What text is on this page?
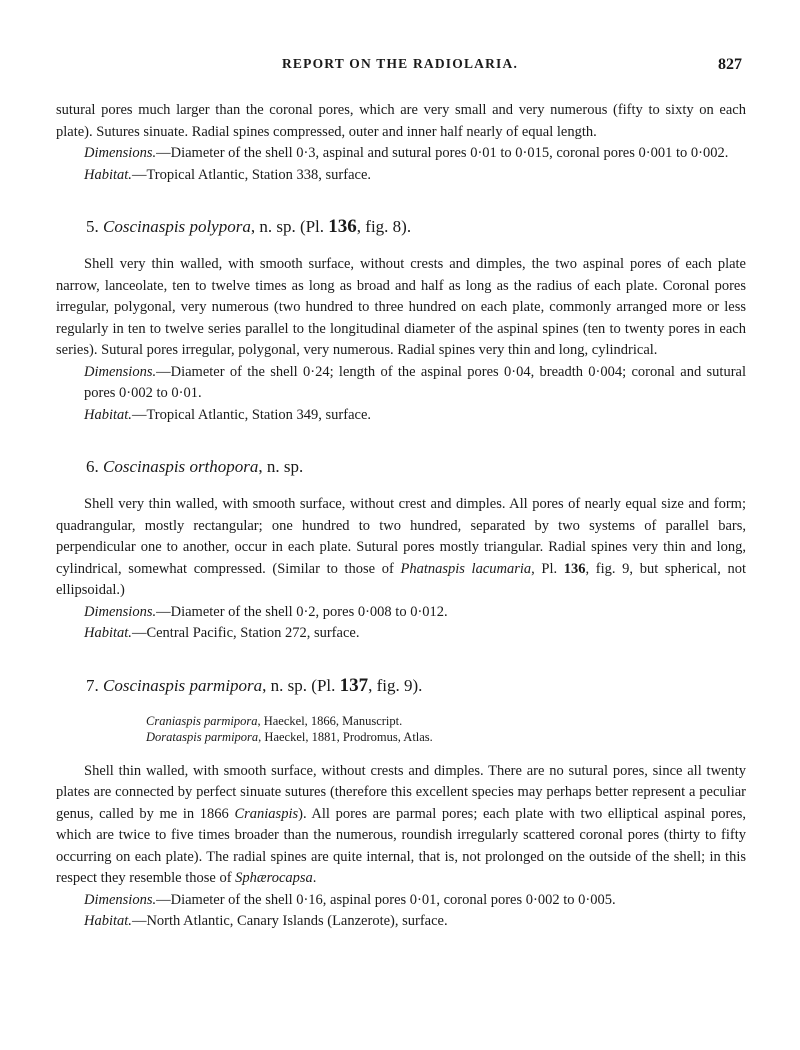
REPORT ON THE RADIOLARIA.	827

sutural pores much larger than the coronal pores, which are very small and very numerous (fifty to sixty on each plate). Sutures sinuate. Radial spines compressed, outer and inner half nearly of equal length.

Dimensions.—Diameter of the shell 0·3, aspinal and sutural pores 0·01 to 0·015, coronal pores 0·001 to 0·002.

Habitat.—Tropical Atlantic, Station 338, surface.

5. Coscinaspis polypora, n. sp. (Pl. 136, fig. 8).

Shell very thin walled, with smooth surface, without crests and dimples, the two aspinal pores of each plate narrow, lanceolate, ten to twelve times as long as broad and half as long as the radius of each plate. Coronal pores irregular, polygonal, very numerous (two hundred to three hundred on each plate, commonly arranged more or less regularly in ten to twelve series parallel to the longitudinal diameter of the aspinal spines (ten to twenty pores in each series). Sutural pores irregular, polygonal, very numerous. Radial spines very thin and long, cylindrical.

Dimensions.—Diameter of the shell 0·24; length of the aspinal pores 0·04, breadth 0·004; coronal and sutural pores 0·002 to 0·01.

Habitat.—Tropical Atlantic, Station 349, surface.

6. Coscinaspis orthopora, n. sp.

Shell very thin walled, with smooth surface, without crest and dimples. All pores of nearly equal size and form; quadrangular, mostly rectangular; one hundred to two hundred, separated by two systems of parallel bars, perpendicular one to another, occur in each plate. Sutural pores mostly triangular. Radial spines very thin and long, cylindrical, somewhat compressed. (Similar to those of Phatnaspis lacumaria, Pl. 136, fig. 9, but spherical, not ellipsoidal.)

Dimensions.—Diameter of the shell 0·2, pores 0·008 to 0·012.

Habitat.—Central Pacific, Station 272, surface.

7. Coscinaspis parmipora, n. sp. (Pl. 137, fig. 9).

Craniaspis parmipora, Haeckel, 1866, Manuscript.

Dorataspis parmipora, Haeckel, 1881, Prodromus, Atlas.

Shell thin walled, with smooth surface, without crests and dimples. There are no sutural pores, since all twenty plates are connected by perfect sinuate sutures (therefore this excellent species may perhaps better represent a peculiar genus, called by me in 1866 Craniaspis). All pores are parmal pores; each plate with two elliptical aspinal pores, which are twice to five times broader than the numerous, roundish irregularly scattered coronal pores (thirty to fifty occurring on each plate). The radial spines are quite internal, that is, not prolonged on the outside of the shell; in this respect they resemble those of Sphærocapsa.

Dimensions.—Diameter of the shell 0·16, aspinal pores 0·01, coronal pores 0·002 to 0·005.

Habitat.—North Atlantic, Canary Islands (Lanzerote), surface.
